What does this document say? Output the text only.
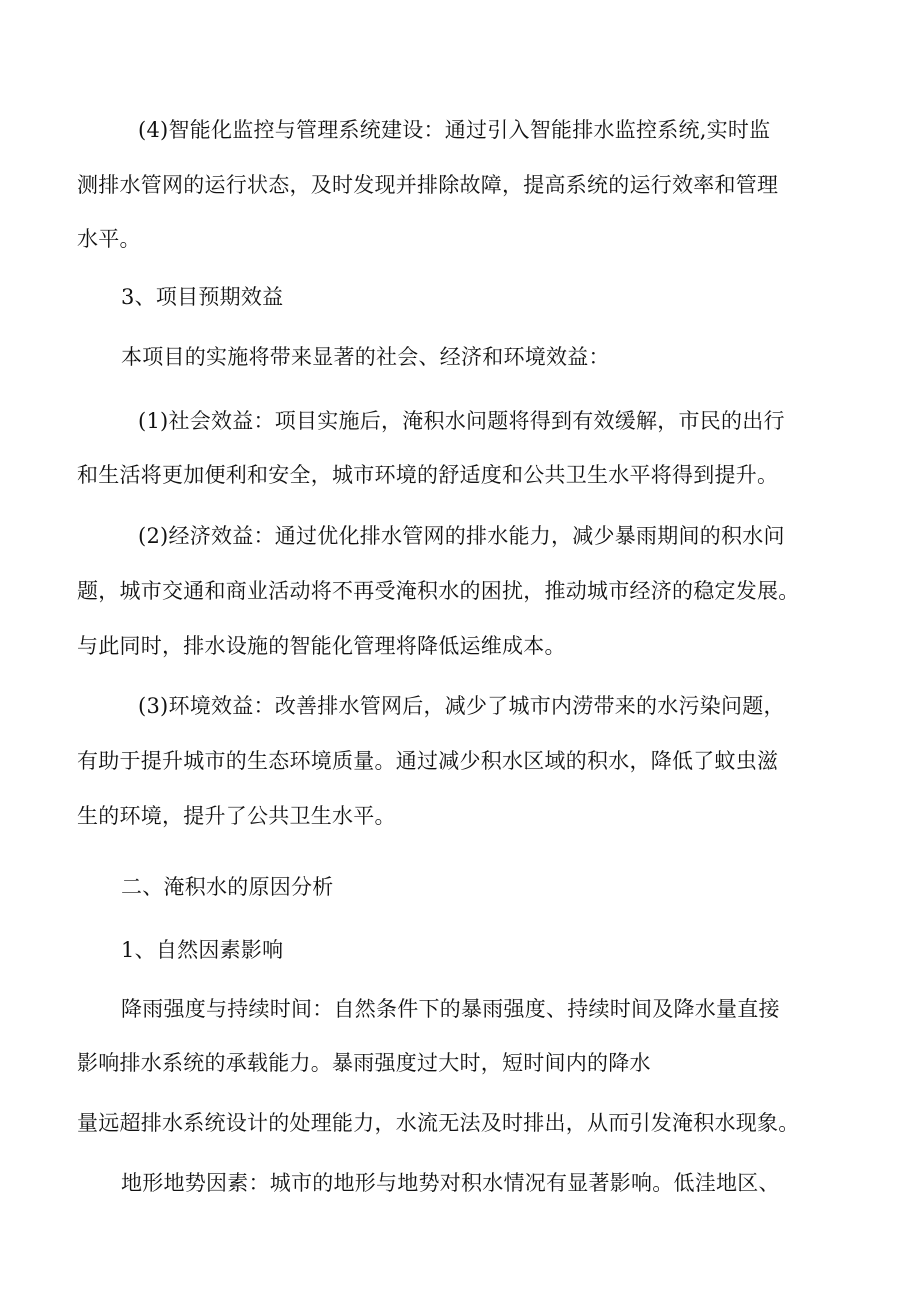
(4)智能化监控与管理系统建设：通过引入智能排水监控系统,实时监

测排水管网的运行状态，及时发现并排除故障，提高系统的运行效率和管理

水平。

3、项目预期效益

本项目的实施将带来显著的社会、经济和环境效益：

(1)社会效益：项目实施后，淹积水问题将得到有效缓解，市民的出行

和生活将更加便利和安全，城市环境的舒适度和公共卫生水平将得到提升。

(2)经济效益：通过优化排水管网的排水能力，减少暴雨期间的积水问

题，城市交通和商业活动将不再受淹积水的困扰，推动城市经济的稳定发展。

与此同时，排水设施的智能化管理将降低运维成本。

(3)环境效益：改善排水管网后，减少了城市内涝带来的水污染问题，

有助于提升城市的生态环境质量。通过减少积水区域的积水，降低了蚊虫滋

生的环境，提升了公共卫生水平。

二、淹积水的原因分析

1、自然因素影响

降雨强度与持续时间：自然条件下的暴雨强度、持续时间及降水量直接

影响排水系统的承载能力。暴雨强度过大时，短时间内的降水

量远超排水系统设计的处理能力，水流无法及时排出，从而引发淹积水现象。

地形地势因素：城市的地形与地势对积水情况有显著影响。低洼地区、
